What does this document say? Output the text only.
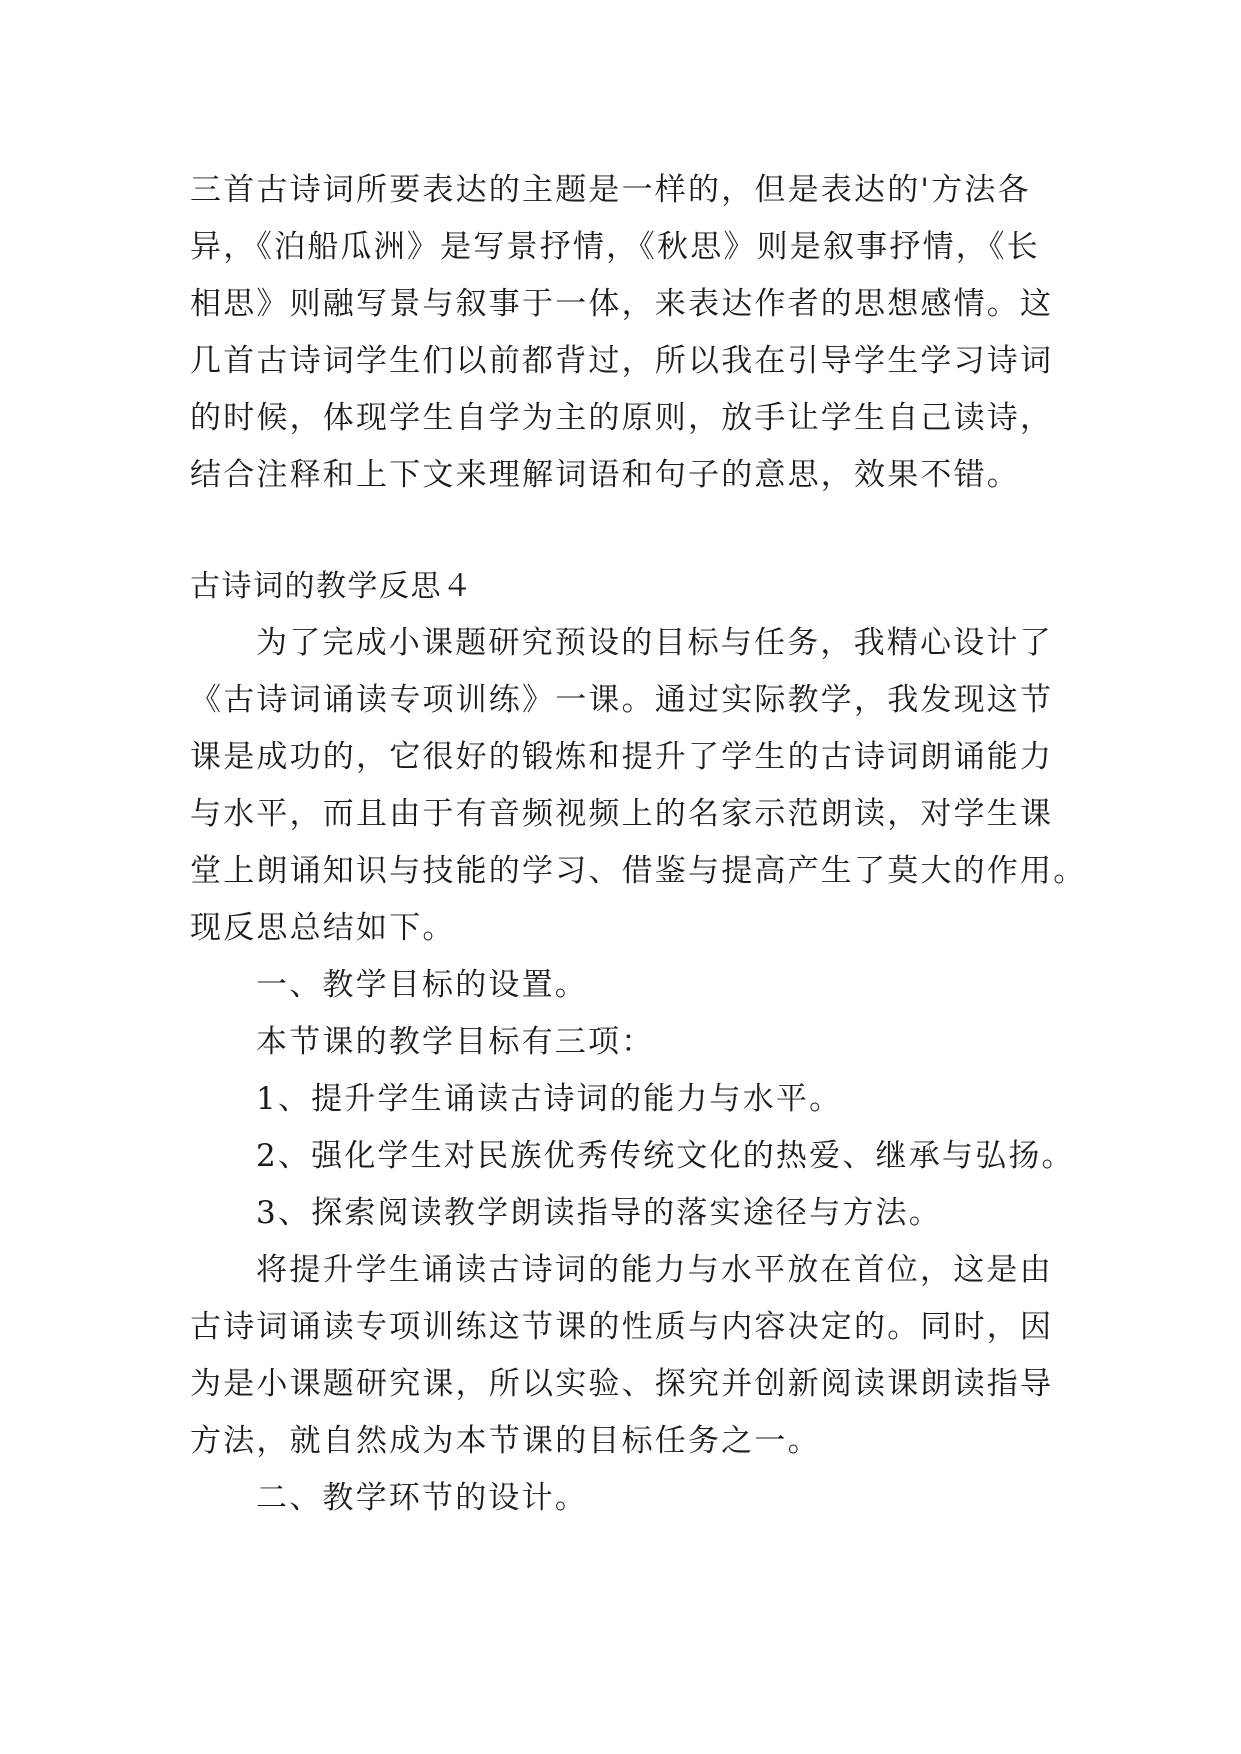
三首古诗词所要表达的主题是一样的，但是表达的'方法各
异，《泊船瓜洲》是写景抒情，《秋思》则是叙事抒情，《长
相思》则融写景与叙事于一体，来表达作者的思想感情。这
几首古诗词学生们以前都背过，所以我在引导学生学习诗词
的时候，体现学生自学为主的原则，放手让学生自己读诗，
结合注释和上下文来理解词语和句子的意思，效果不错。
古诗词的教学反思４
为了完成小课题研究预设的目标与任务，我精心设计了
《古诗词诵读专项训练》一课。通过实际教学，我发现这节
课是成功的，它很好的锻炼和提升了学生的古诗词朗诵能力
与水平，而且由于有音频视频上的名家示范朗读，对学生课
堂上朗诵知识与技能的学习、借鉴与提高产生了莫大的作用。
现反思总结如下。
一、教学目标的设置。
本节课的教学目标有三项：
1、提升学生诵读古诗词的能力与水平。
2、强化学生对民族优秀传统文化的热爱、继承与弘扬。
3、探索阅读教学朗读指导的落实途径与方法。
将提升学生诵读古诗词的能力与水平放在首位，这是由
古诗词诵读专项训练这节课的性质与内容决定的。同时，因
为是小课题研究课，所以实验、探究并创新阅读课朗读指导
方法，就自然成为本节课的目标任务之一。
二、教学环节的设计。
